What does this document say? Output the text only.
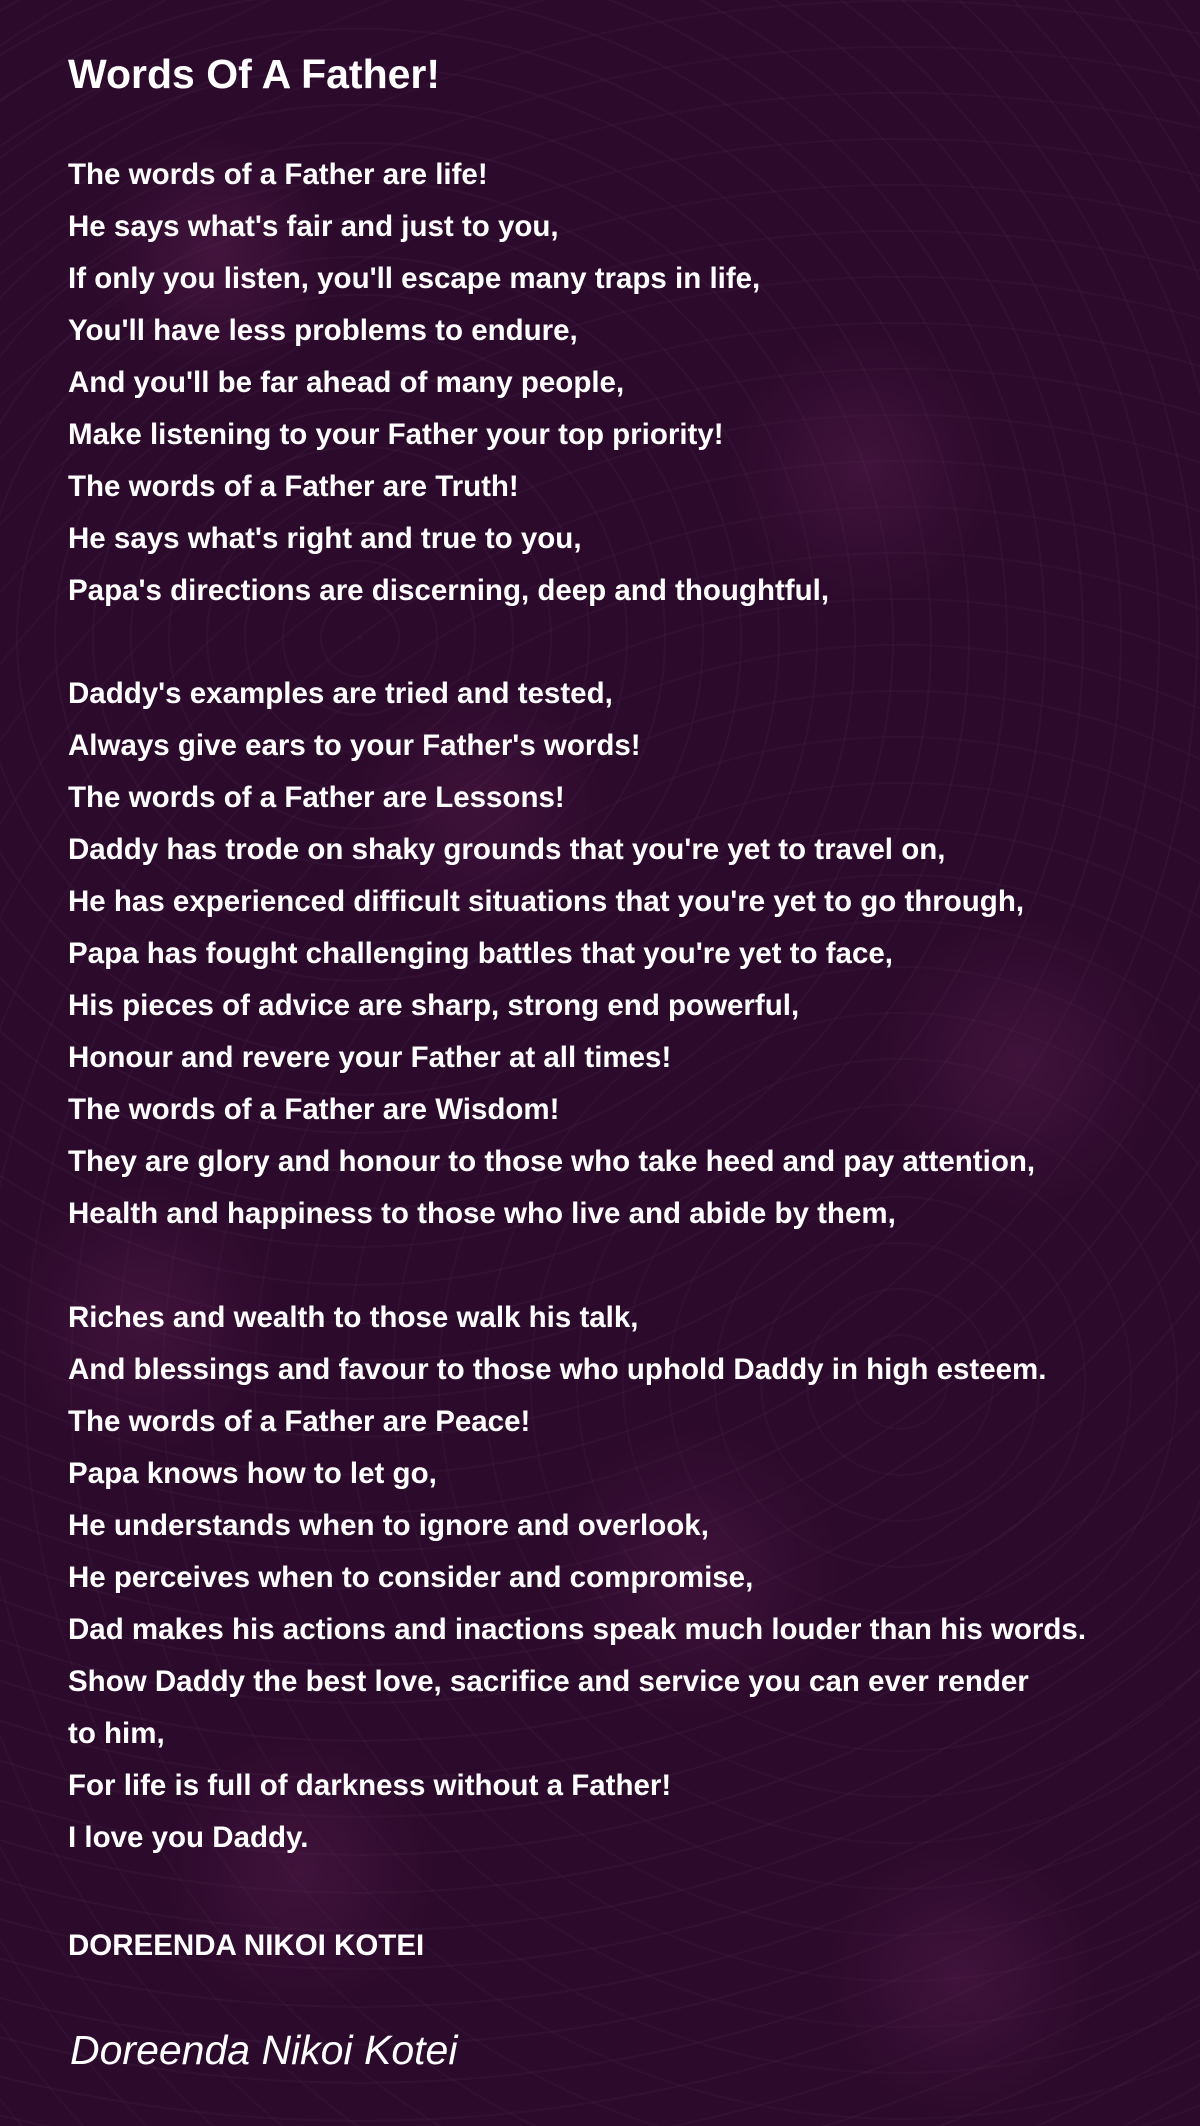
Words Of A Father!

The words of a Father are life!
He says what's fair and just to you,
If only you listen, you'll escape many traps in life,
You'll have less problems to endure,
And you'll be far ahead of many people,
Make listening to your Father your top priority!
The words of a Father are Truth!
He says what's right and true to you,
Papa's directions are discerning, deep and thoughtful,

Daddy's examples are tried and tested,
Always give ears to your Father's words!
The words of a Father are Lessons!
Daddy has trode on shaky grounds that you're yet to travel on,
He has experienced difficult situations that you're yet to go through,
Papa has fought challenging battles that you're yet to face,
His pieces of advice are sharp, strong end powerful,
Honour and revere your Father at all times!
The words of a Father are Wisdom!
They are glory and honour to those who take heed and pay attention,
Health and happiness to those who live and abide by them,

Riches and wealth to those walk his talk,
And blessings and favour to those who uphold Daddy in high esteem.
The words of a Father are Peace!
Papa knows how to let go,
He understands when to ignore and overlook,
He perceives when to consider and compromise,
Dad makes his actions and inactions speak much louder than his words.
Show Daddy the best love, sacrifice and service you can ever render
to him,
For life is full of darkness without a Father!
I love you Daddy.

DOREENDA NIKOI KOTEI

Doreenda Nikoi Kotei
